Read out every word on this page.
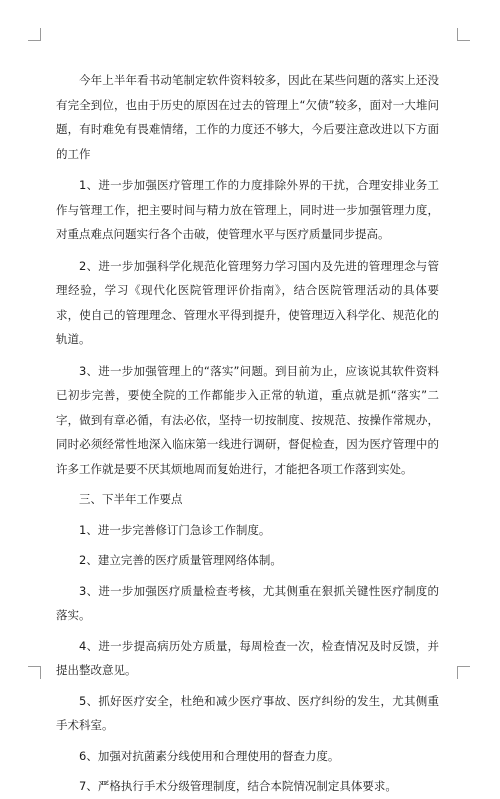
今年上半年看书动笔制定软件资料较多，因此在某些问题的落实上还没有完全到位，也由于历史的原因在过去的管理上“欠债”较多，面对一大堆问题，有时难免有畏难情绪，工作的力度还不够大，今后要注意改进以下方面的工作

1、进一步加强医疗管理工作的力度排除外界的干扰，合理安排业务工作与管理工作，把主要时间与精力放在管理上，同时进一步加强管理力度，对重点难点问题实行各个击破，使管理水平与医疗质量同步提高。

2、进一步加强科学化规范化管理努力学习国内及先进的管理理念与管理经验，学习《现代化医院管理评价指南》，结合医院管理活动的具体要求，使自己的管理理念、管理水平得到提升，使管理迈入科学化、规范化的轨道。

3、进一步加强管理上的“落实”问题。到目前为止，应该说其软件资料已初步完善，要使全院的工作都能步入正常的轨道，重点就是抓“落实”二字，做到有章必循，有法必依，坚持一切按制度、按规范、按操作常规办，同时必须经常性地深入临床第一线进行调研，督促检查，因为医疗管理中的许多工作就是要不厌其烦地周而复始进行，才能把各项工作落到实处。

三、下半年工作要点

1、进一步完善修订门急诊工作制度。

2、建立完善的医疗质量管理网络体制。

3、进一步加强医疗质量检查考核，尤其侧重在狠抓关键性医疗制度的落实。

4、进一步提高病历处方质量，每周检查一次，检查情况及时反馈，并提出整改意见。

5、抓好医疗安全，杜绝和减少医疗事故、医疗纠纷的发生，尤其侧重手术科室。

6、加强对抗菌素分线使用和合理使用的督查力度。

7、严格执行手术分级管理制度，结合本院情况制定具体要求。
